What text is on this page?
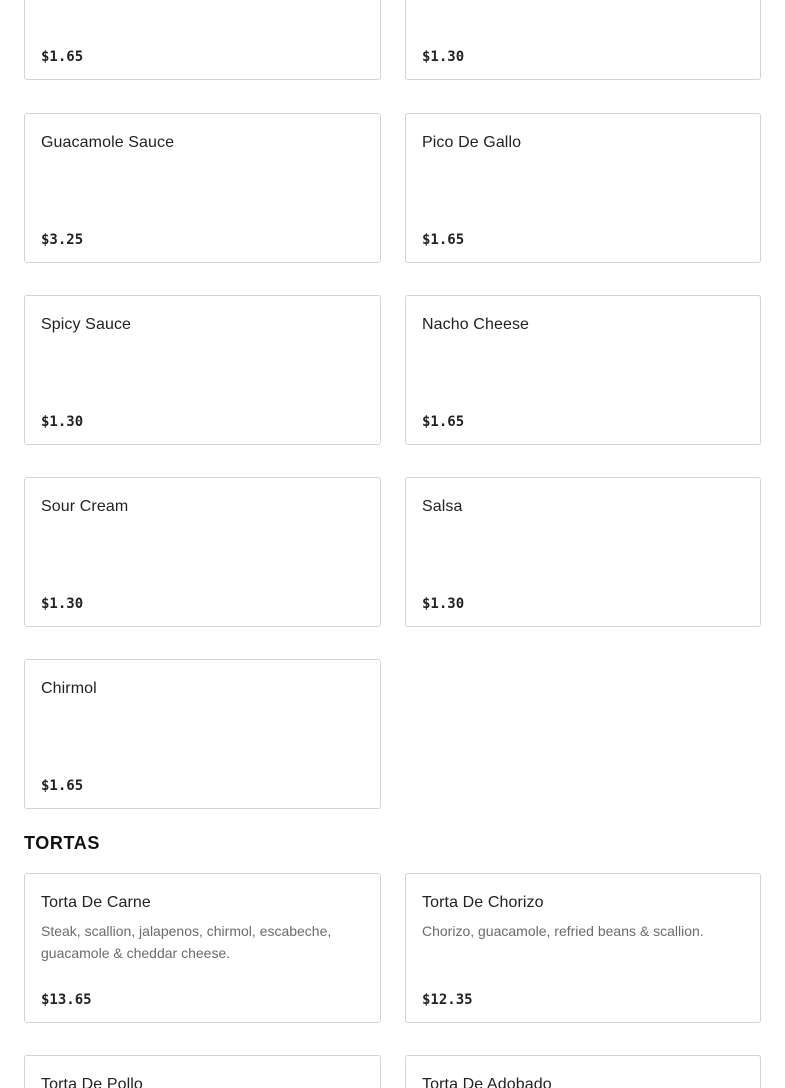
$1.65	$1.30
Guacamole Sauce
$3.25
Pico De Gallo
$1.65
Spicy Sauce
$1.30
Nacho Cheese
$1.65
Sour Cream
$1.30
Salsa
$1.30
Chirmol
$1.65
TORTAS
Torta De Carne
Steak, scallion, jalapenos, chirmol, escabeche, guacamole & cheddar cheese.
$13.65
Torta De Chorizo
Chorizo, guacamole, refried beans & scallion.
$12.35
Torta De Pollo	Torta De Adobado
